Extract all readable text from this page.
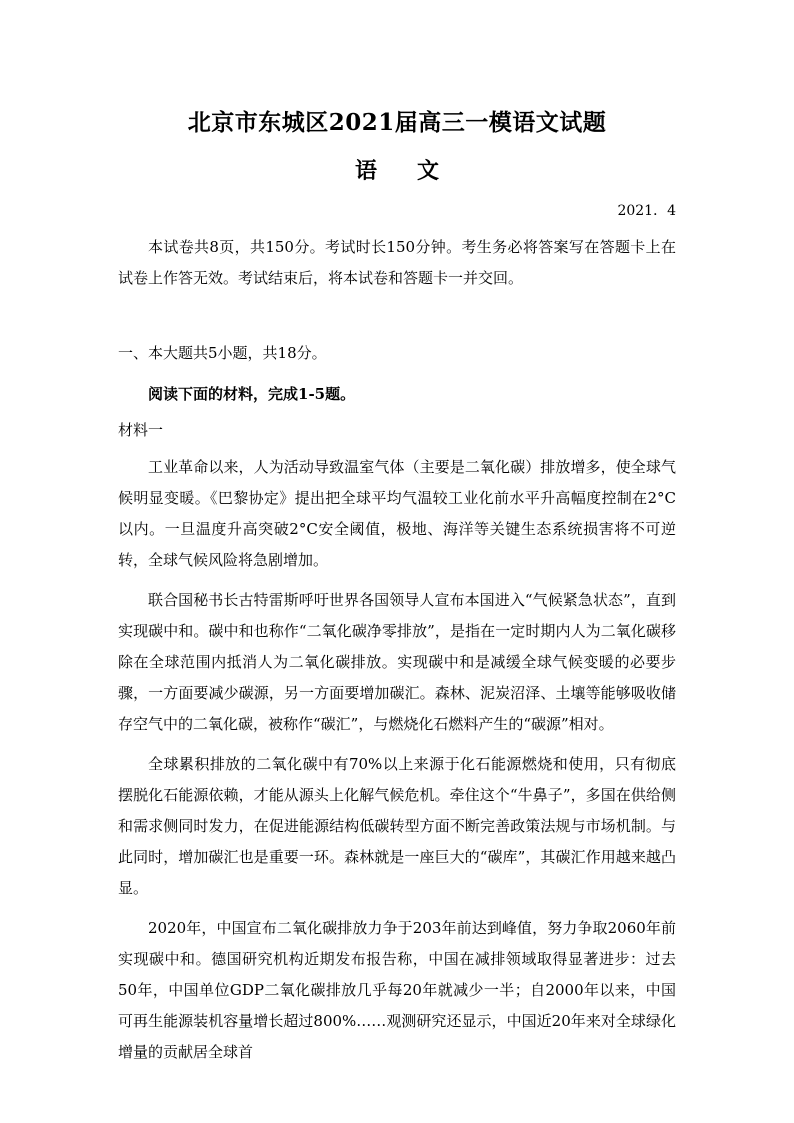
北京市东城区2021届高三一模语文试题
语文
2021．4

本试卷共8页，共150分。考试时长150分钟。考生务必将答案写在答题卡上在试卷上作答无效。考试结束后，将本试卷和答题卡一并交回。

一、本大题共5小题，共18分。

阅读下面的材料，完成1-5题。

材料一

工业革命以来，人为活动导致温室气体（主要是二氧化碳）排放增多，使全球气候明显变暖。《巴黎协定》提出把全球平均气温较工业化前水平升高幅度控制在2°C以内。一旦温度升高突破2°C安全阈值，极地、海洋等关键生态系统损害将不可逆转，全球气候风险将急剧增加。

联合国秘书长古特雷斯呼吁世界各国领导人宣布本国进入“气候紧急状态”，直到实现碳中和。碳中和也称作“二氧化碳净零排放”，是指在一定时期内人为二氧化碳移除在全球范围内抵消人为二氧化碳排放。实现碳中和是减缓全球气候变暖的必要步骤，一方面要减少碳源，另一方面要增加碳汇。森林、泥炭沼泽、土壤等能够吸收储存空气中的二氧化碳，被称作“碳汇”，与燃烧化石燃料产生的“碳源”相对。

全球累积排放的二氧化碳中有70%以上来源于化石能源燃烧和使用，只有彻底摆脱化石能源依赖，才能从源头上化解气候危机。牵住这个“牛鼻子”，多国在供给侧和需求侧同时发力，在促进能源结构低碳转型方面不断完善政策法规与市场机制。与此同时，增加碳汇也是重要一环。森林就是一座巨大的“碳库”，其碳汇作用越来越凸显。

2020年，中国宣布二氧化碳排放力争于203年前达到峰值，努力争取2060年前实现碳中和。德国研究机构近期发布报告称，中国在减排领域取得显著进步：过去50年，中国单位GDP二氧化碳排放几乎每20年就减少一半；自2000年以来，中国可再生能源装机容量增长超过800%……观测研究还显示，中国近20年来对全球绿化增量的贡献居全球首
